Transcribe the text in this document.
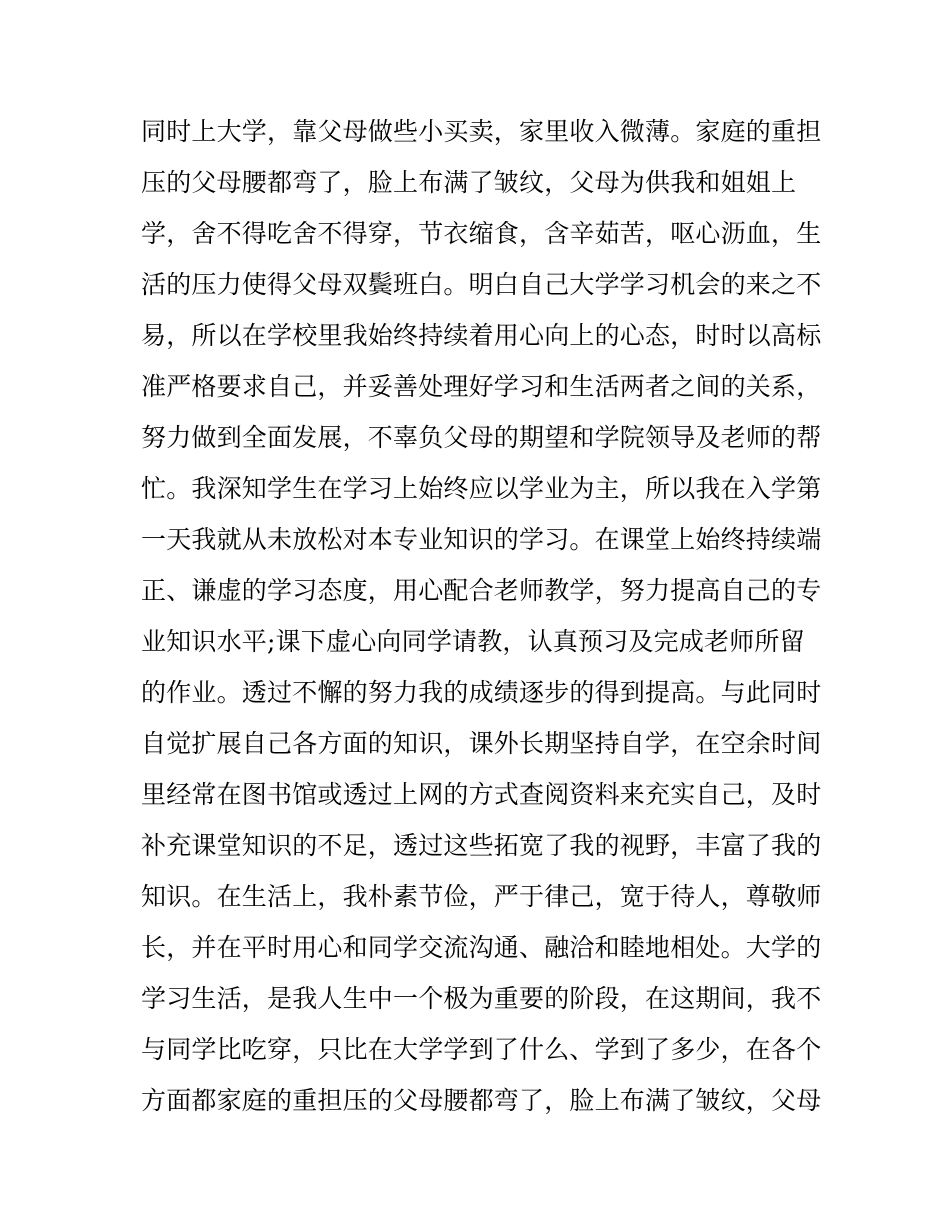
同时上大学，靠父母做些小买卖，家里收入微薄。家庭的重担
压的父母腰都弯了，脸上布满了皱纹，父母为供我和姐姐上
学，舍不得吃舍不得穿，节衣缩食，含辛茹苦，呕心沥血，生
活的压力使得父母双鬓班白。明白自己大学学习机会的来之不
易，所以在学校里我始终持续着用心向上的心态，时时以高标
准严格要求自己，并妥善处理好学习和生活两者之间的关系，
努力做到全面发展，不辜负父母的期望和学院领导及老师的帮
忙。我深知学生在学习上始终应以学业为主，所以我在入学第
一天我就从未放松对本专业知识的学习。在课堂上始终持续端
正、谦虚的学习态度，用心配合老师教学，努力提高自己的专
业知识水平;课下虚心向同学请教，认真预习及完成老师所留
的作业。透过不懈的努力我的成绩逐步的得到提高。与此同时
自觉扩展自己各方面的知识，课外长期坚持自学，在空余时间
里经常在图书馆或透过上网的方式查阅资料来充实自己，及时
补充课堂知识的不足，透过这些拓宽了我的视野，丰富了我的
知识。在生活上，我朴素节俭，严于律己，宽于待人，尊敬师
长，并在平时用心和同学交流沟通、融洽和睦地相处。大学的
学习生活，是我人生中一个极为重要的阶段，在这期间，我不
与同学比吃穿，只比在大学学到了什么、学到了多少，在各个
方面都家庭的重担压的父母腰都弯了，脸上布满了皱纹，父母
